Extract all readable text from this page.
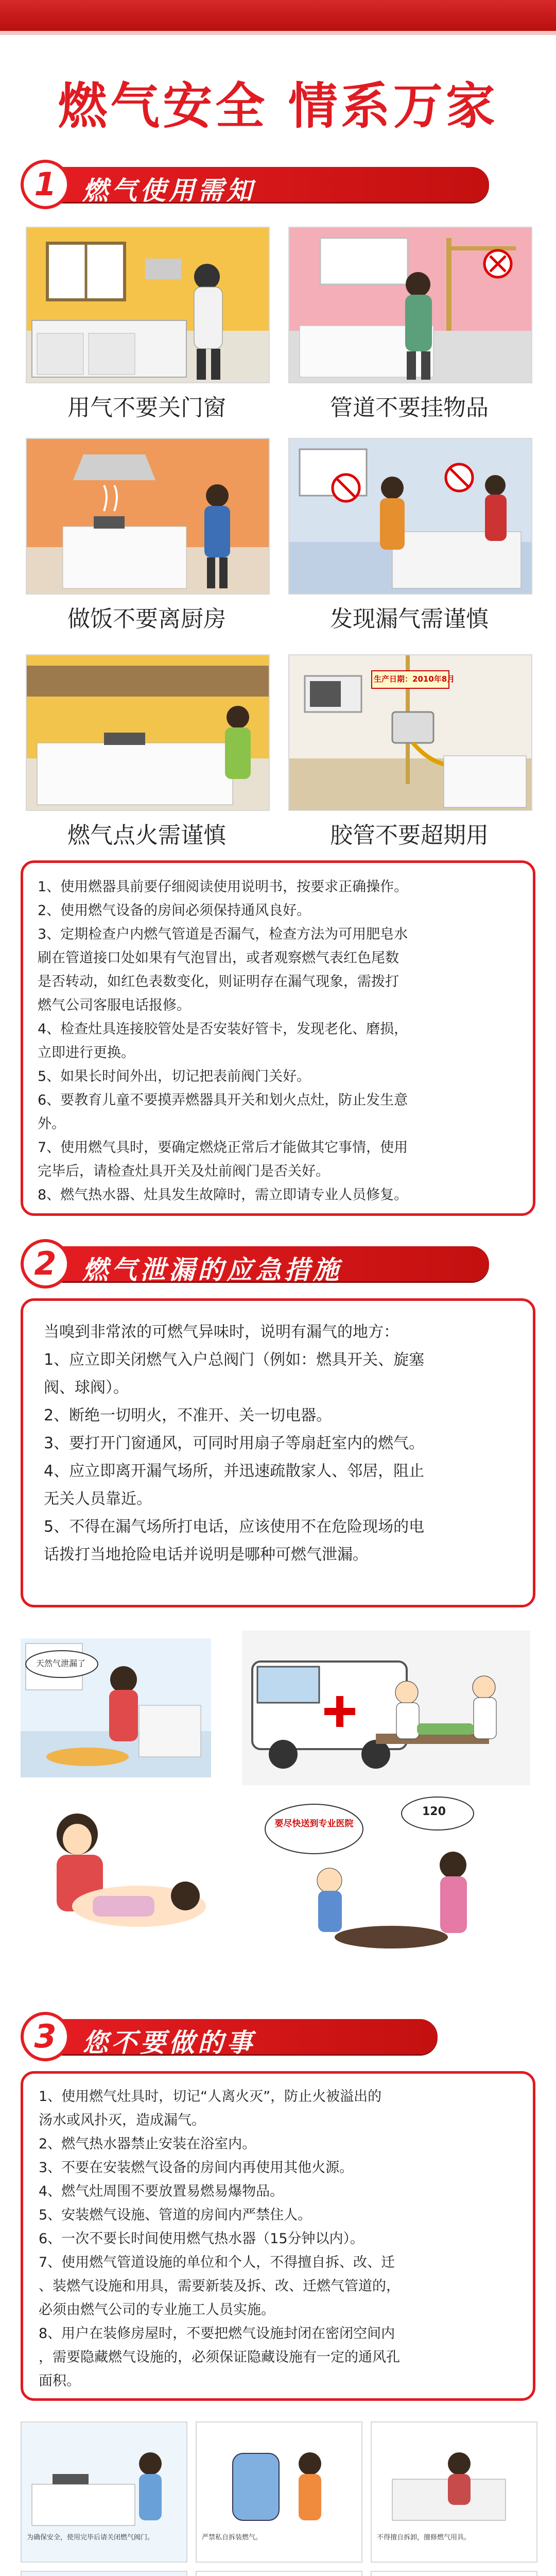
燃气安全 情系万家
燃气使用需知
1
用气不要关门窗	管道不要挂物品
做饭不要离厨房	发现漏气需谨慎
燃气点火需谨慎
生产日期：2010年8月
胶管不要超期用

1、使用燃器具前要仔细阅读使用说明书，按要求正确操作。

2、使用燃气设备的房间必须保持通风良好。

3、定期检查户内燃气管道是否漏气，检查方法为可用肥皂水

刷在管道接口处如果有气泡冒出，或者观察燃气表红色尾数

是否转动，如红色表数变化，则证明存在漏气现象，需拨打

燃气公司客服电话报修。

4、检查灶具连接胶管处是否安装好管卡，发现老化、磨损，

立即进行更换。

5、如果长时间外出，切记把表前阀门关好。

6、要教育儿童不要摸弄燃器具开关和划火点灶，防止发生意

外。

7、使用燃气具时，要确定燃烧正常后才能做其它事情，使用

完毕后，请检查灶具开关及灶前阀门是否关好。

8、燃气热水器、灶具发生故障时，需立即请专业人员修复。

燃气泄漏的应急措施
2

当嗅到非常浓的可燃气异味时，说明有漏气的地方：

1、应立即关闭燃气入户总阀门（例如：燃具开关、旋塞

阀、球阀）。

2、断绝一切明火，不准开、关一切电器。

3、要打开门窗通风，可同时用扇子等扇赶室内的燃气。

4、应立即离开漏气场所，并迅速疏散家人、邻居，阻止

无关人员靠近。

5、不得在漏气场所打电话，应该使用不在危险现场的电

话拨打当地抢险电话并说明是哪种可燃气泄漏。

天然气泄漏了
要尽快送到专业医院
120
您不要做的事
3

1、使用燃气灶具时，切记“人离火灭”，防止火被溢出的

汤水或风扑灭，造成漏气。

2、燃气热水器禁止安装在浴室内。

3、不要在安装燃气设备的房间内再使用其他火源。

4、燃气灶周围不要放置易燃易爆物品。

5、安装燃气设施、管道的房间内严禁住人。

6、一次不要长时间使用燃气热水器（15分钟以内）。

7、使用燃气管道设施的单位和个人，不得擅自拆、改、迁

、装燃气设施和用具，需要新装及拆、改、迁燃气管道的，

必须由燃气公司的专业施工人员实施。

8、用户在装修房屋时，不要把燃气设施封闭在密闭空间内

，需要隐藏燃气设施的，必须保证隐藏设施有一定的通风孔

面积。

为确保安全，使用完毕后请关闭燃气阀门。	严禁私自拆装燃气。	不得擅自拆卸，擅修燃气用具。
